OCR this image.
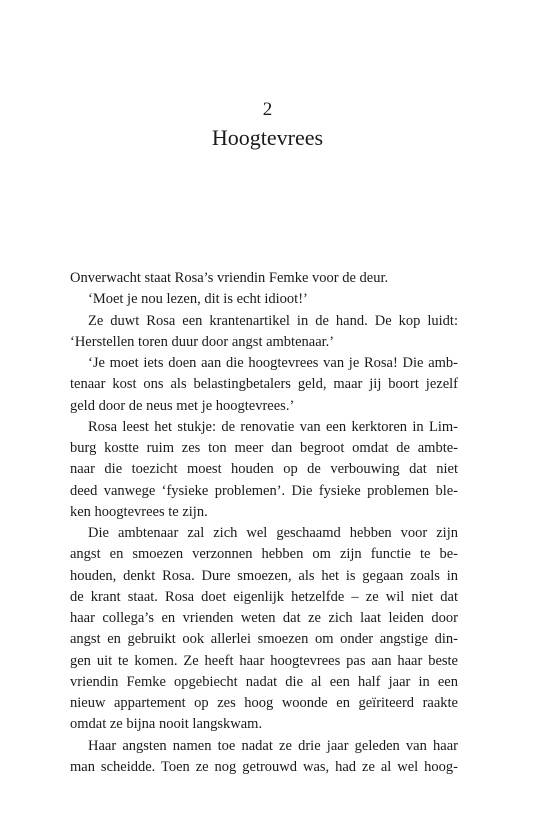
2
Hoogtevrees
Onverwacht staat Rosa’s vriendin Femke voor de deur.
‘Moet je nou lezen, dit is echt idioot!’
Ze duwt Rosa een krantenartikel in de hand. De kop luidt:
‘Herstellen toren duur door angst ambtenaar.’
‘Je moet iets doen aan die hoogtevrees van je Rosa! Die amb-
tenaar kost ons als belastingbetalers geld, maar jij boort jezelf
geld door de neus met je hoogtevrees.’
Rosa leest het stukje: de renovatie van een kerktoren in Lim-
burg kostte ruim zes ton meer dan begroot omdat de ambte-
naar die toezicht moest houden op de verbouwing dat niet
deed vanwege ‘fysieke problemen’. Die fysieke problemen ble-
ken hoogtevrees te zijn.
Die ambtenaar zal zich wel geschaamd hebben voor zijn
angst en smoezen verzonnen hebben om zijn functie te be-
houden, denkt Rosa. Dure smoezen, als het is gegaan zoals in
de krant staat. Rosa doet eigenlijk hetzelfde – ze wil niet dat
haar collega’s en vrienden weten dat ze zich laat leiden door
angst en gebruikt ook allerlei smoezen om onder angstige din-
gen uit te komen. Ze heeft haar hoogtevrees pas aan haar beste
vriendin Femke opgebiecht nadat die al een half jaar in een
nieuw appartement op zes hoog woonde en geïriteerd raakte
omdat ze bijna nooit langskwam.
Haar angsten namen toe nadat ze drie jaar geleden van haar
man scheidde. Toen ze nog getrouwd was, had ze al wel hoog-
